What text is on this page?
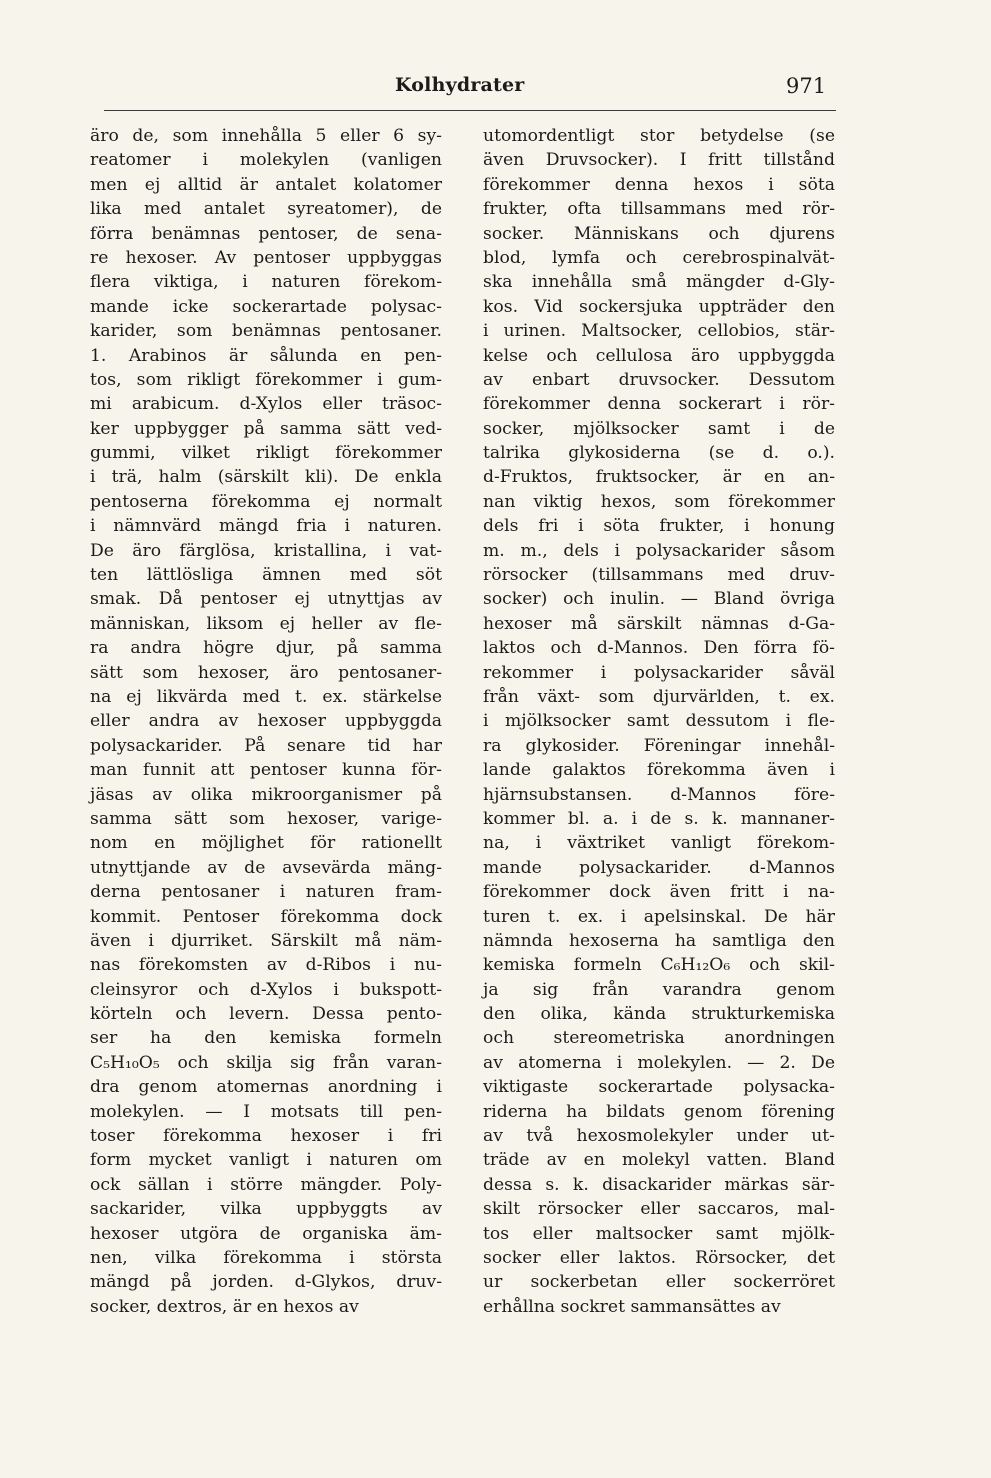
Kolhydrater	971
äro de, som innehålla 5 eller 6 sy-
reatomer i molekylen (vanligen
men ej alltid är antalet kolatomer
lika med antalet syreatomer), de
förra benämnas pentoser, de sena-
re hexoser. Av pentoser uppbyggas
flera viktiga, i naturen förekom-
mande icke sockerartade polysac-
karider, som benämnas pentosaner.
1. Arabinos är sålunda en pen-
tos, som rikligt förekommer i gum-
mi arabicum. d-Xylos eller träsoc-
ker uppbygger på samma sätt ved-
gummi, vilket rikligt förekommer
i trä, halm (särskilt kli). De enkla
pentoserna förekomma ej normalt
i nämnvärd mängd fria i naturen.
De äro färglösa, kristallina, i vat-
ten lättlösliga ämnen med söt
smak. Då pentoser ej utnyttjas av
människan, liksom ej heller av fle-
ra andra högre djur, på samma
sätt som hexoser, äro pentosaner-
na ej likvärda med t. ex. stärkelse
eller andra av hexoser uppbyggda
polysackarider. På senare tid har
man funnit att pentoser kunna för-
jäsas av olika mikroorganismer på
samma sätt som hexoser, varige-
nom en möjlighet för rationellt
utnyttjande av de avsevärda mäng-
derna pentosaner i naturen fram-
kommit. Pentoser förekomma dock
även i djurriket. Särskilt må näm-
nas förekomsten av d-Ribos i nu-
cleinsyror och d-Xylos i bukspott-
körteln och levern. Dessa pento-
ser ha den kemiska formeln
C₅H₁₀O₅ och skilja sig från varan-
dra genom atomernas anordning i
molekylen. — I motsats till pen-
toser förekomma hexoser i fri
form mycket vanligt i naturen om
ock sällan i större mängder. Poly-
sackarider, vilka uppbyggts av
hexoser utgöra de organiska äm-
nen, vilka förekomma i största
mängd på jorden. d-Glykos, druv-
socker, dextros, är en hexos av
utomordentligt stor betydelse (se
även Druvsocker). I fritt tillstånd
förekommer denna hexos i söta
frukter, ofta tillsammans med rör-
socker. Människans och djurens
blod, lymfa och cerebrospinalvät-
ska innehålla små mängder d-Gly-
kos. Vid sockersjuka uppträder den
i urinen. Maltsocker, cellobios, stär-
kelse och cellulosa äro uppbyggda
av enbart druvsocker. Dessutom
förekommer denna sockerart i rör-
socker, mjölksocker samt i de
talrika glykosiderna (se d. o.).
d-Fruktos, fruktsocker, är en an-
nan viktig hexos, som förekommer
dels fri i söta frukter, i honung
m. m., dels i polysackarider såsom
rörsocker (tillsammans med druv-
socker) och inulin. — Bland övriga
hexoser må särskilt nämnas d-Ga-
laktos och d-Mannos. Den förra fö-
rekommer i polysackarider såväl
från växt- som djurvärlden, t. ex.
i mjölksocker samt dessutom i fle-
ra glykosider. Föreningar innehål-
lande galaktos förekomma även i
hjärnsubstansen. d-Mannos före-
kommer bl. a. i de s. k. mannaner-
na, i växtriket vanligt förekom-
mande polysackarider. d-Mannos
förekommer dock även fritt i na-
turen t. ex. i apelsinskal. De här
nämnda hexoserna ha samtliga den
kemiska formeln C₆H₁₂O₆ och skil-
ja sig från varandra genom
den olika, kända strukturkemiska
och stereometriska anordningen
av atomerna i molekylen. — 2. De
viktigaste sockerartade polysacka-
riderna ha bildats genom förening
av två hexosmolekyler under ut-
träde av en molekyl vatten. Bland
dessa s. k. disackarider märkas sär-
skilt rörsocker eller saccaros, mal-
tos eller maltsocker samt mjölk-
socker eller laktos. Rörsocker, det
ur sockerbetan eller sockerröret
erhållna sockret sammansättes av
